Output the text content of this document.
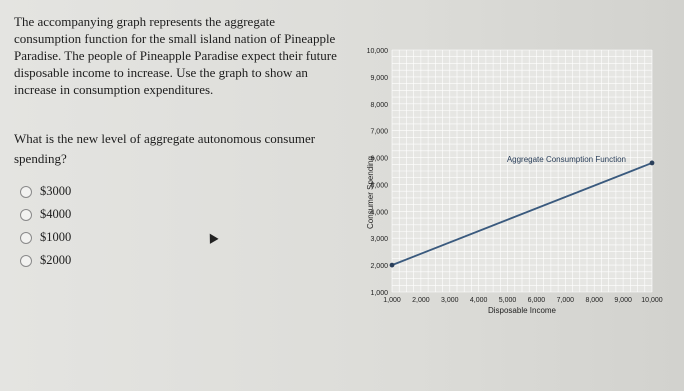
The accompanying graph represents the aggregate consumption function for the small island nation of Pineapple Paradise. The people of Pineapple Paradise expect their future disposable income to increase. Use the graph to show an increase in consumption expenditures.
What is the new level of aggregate autonomous consumer spending?
$3000
$4000
$1000
$2000
1,000
2,000
3,000
4,000
5,000
6,000
7,000
8,000
9,000
10,000
1,000 2,000 3,000 4,000 5,000 6,000 7,000 8,000 9,000 10,000
Disposable Income
Consumer Spending	Aggregate Consumption Function
